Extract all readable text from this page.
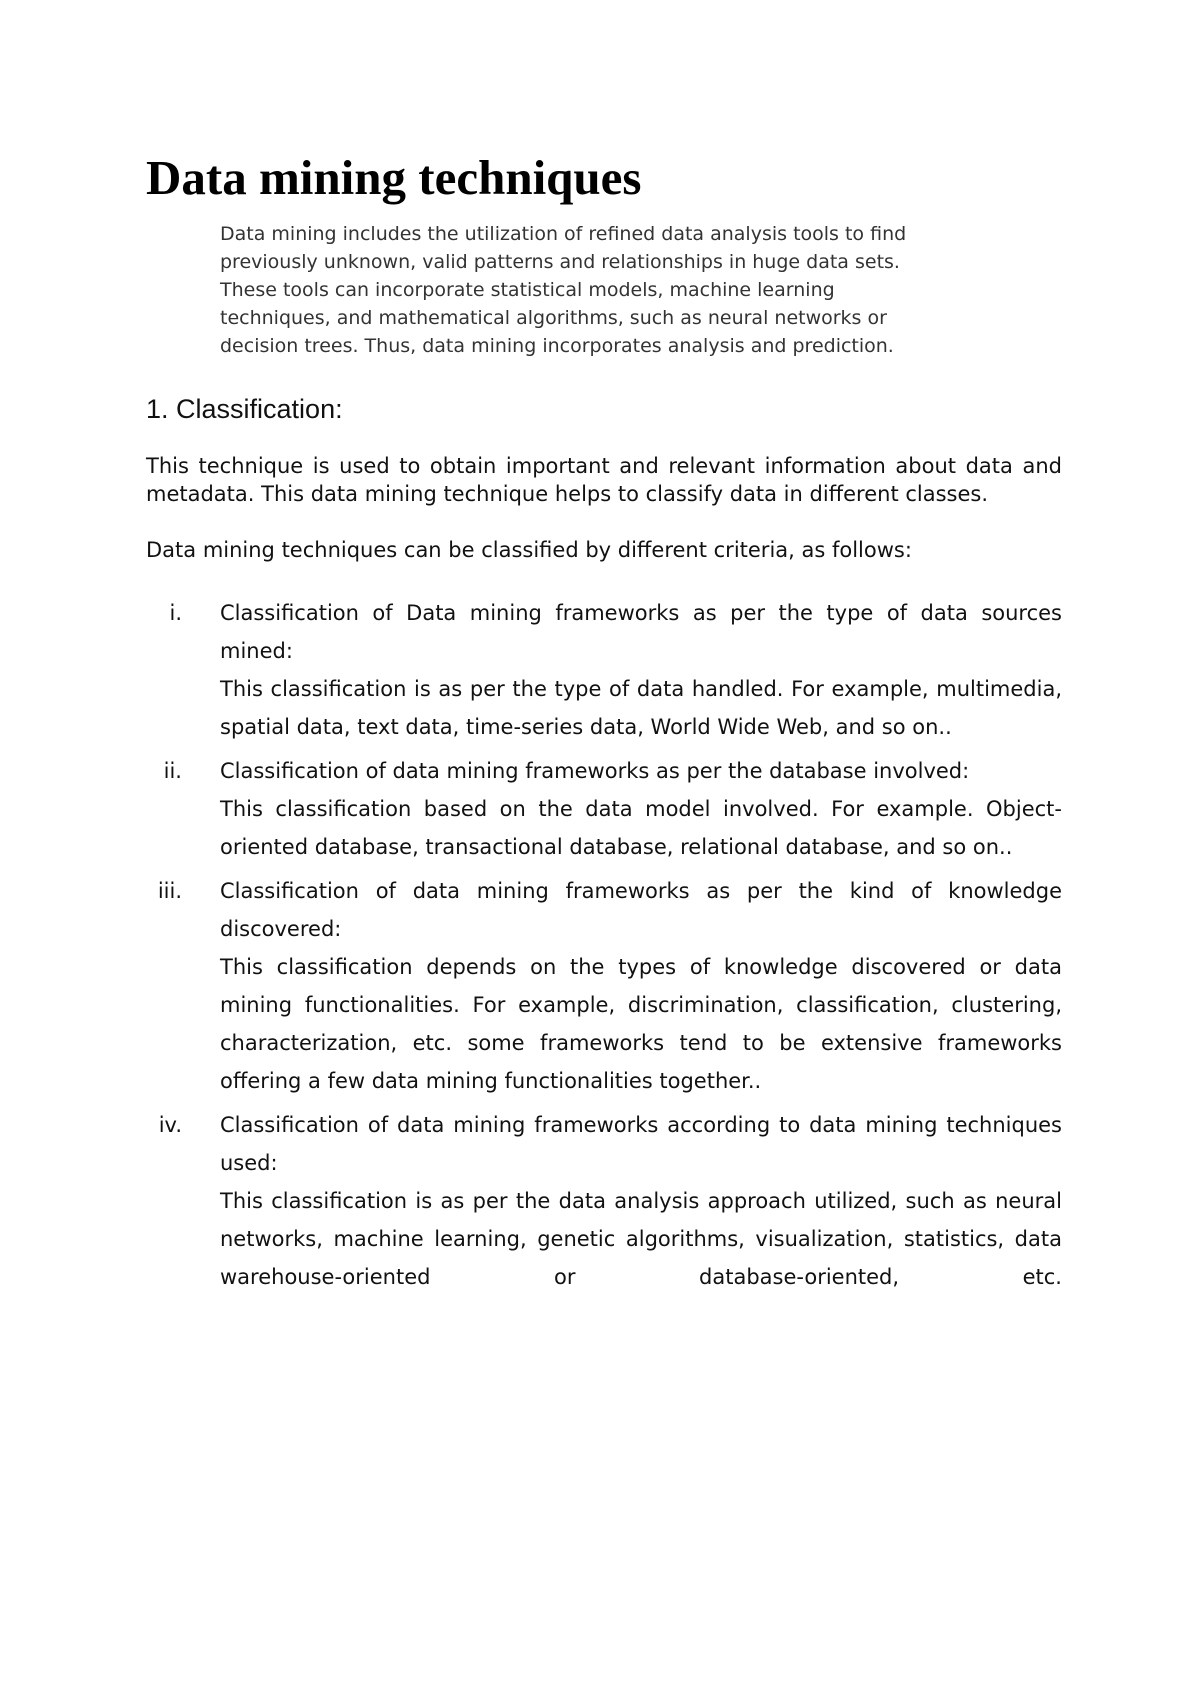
Data mining techniques
Data mining includes the utilization of refined data analysis tools to find
previously unknown, valid patterns and relationships in huge data sets.
These tools can incorporate statistical models, machine learning
techniques, and mathematical algorithms, such as neural networks or
decision trees. Thus, data mining incorporates analysis and prediction.
1. Classification:

This technique is used to obtain important and relevant information about data and metadata. This data mining technique helps to classify data in different classes.

Data mining techniques can be classified by different criteria, as follows:

i. Classification of Data mining frameworks as per the type of data sources mined:
This classification is as per the type of data handled. For example, multimedia, spatial data, text data, time-series data, World Wide Web, and so on..
ii. Classification of data mining frameworks as per the database involved:
This classification based on the data model involved. For example. Object-oriented database, transactional database, relational database, and so on..
iii. Classification of data mining frameworks as per the kind of knowledge discovered:
This classification depends on the types of knowledge discovered or data mining functionalities. For example, discrimination, classification, clustering, characterization, etc. some frameworks tend to be extensive frameworks offering a few data mining functionalities together..
iv. Classification of data mining frameworks according to data mining techniques used:
This classification is as per the data analysis approach utilized, such as neural networks, machine learning, genetic algorithms, visualization, statistics, data warehouse-oriented or database-oriented, etc.
